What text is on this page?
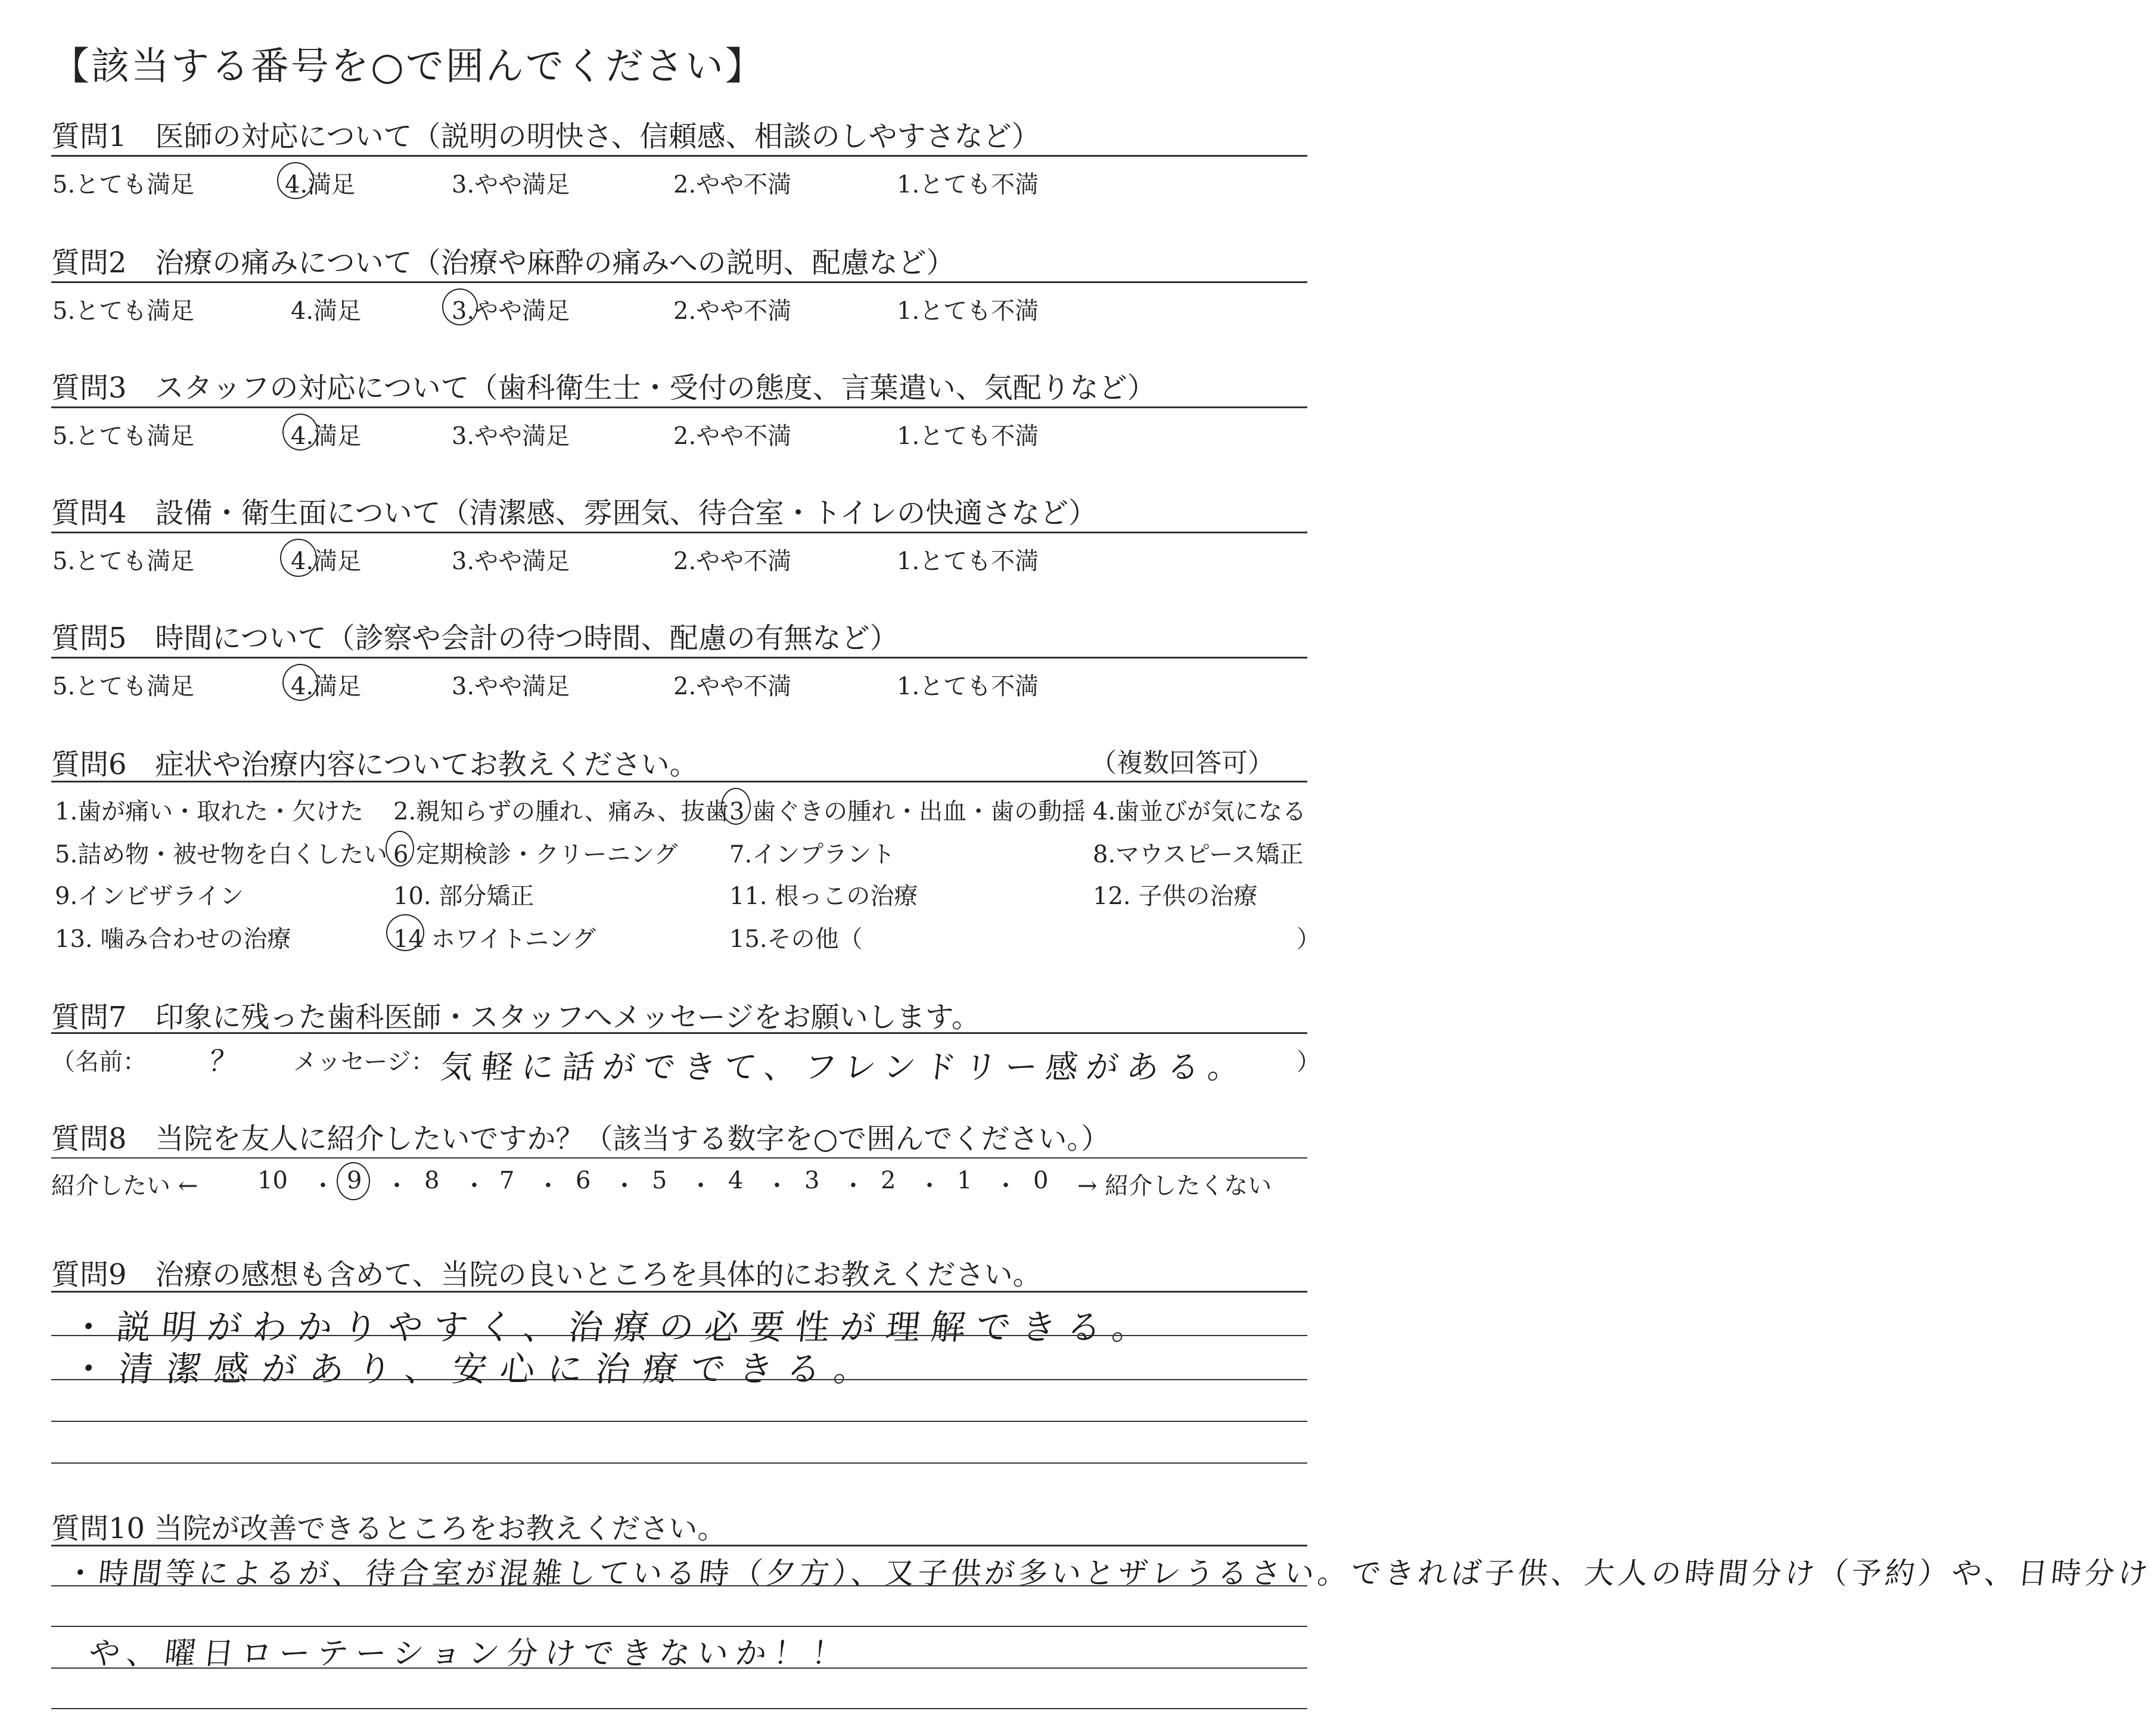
【該当する番号を○で囲んでください】
質問1　医師の対応について（説明の明快さ、信頼感、相談のしやすさなど）
5.とても満足	4.満足	3.やや満足	2.やや不満	1.とても不満
質問2　治療の痛みについて（治療や麻酔の痛みへの説明、配慮など）
5.とても満足	4.満足	3.やや満足	2.やや不満	1.とても不満
質問3　スタッフの対応について（歯科衛生士・受付の態度、言葉遣い、気配りなど）
5.とても満足	4.満足	3.やや満足	2.やや不満	1.とても不満
質問4　設備・衛生面について（清潔感、雰囲気、待合室・トイレの快適さなど）
5.とても満足	4.満足	3.やや満足	2.やや不満	1.とても不満
質問5　時間について（診察や会計の待つ時間、配慮の有無など）
5.とても満足	4.満足	3.やや満足	2.やや不満	1.とても不満
質問6　症状や治療内容についてお教えください。	（複数回答可）
1.歯が痛い・取れた・欠けた 2.親知らずの腫れ、痛み、抜歯 3 歯ぐきの腫れ・出血・歯の動揺 4.歯並びが気になる
5.詰め物・被せ物を白くしたい 6 定期検診・クリーニング 7.インプラント	8.マウスピース矯正
9.インビザライン	10. 部分矯正	11. 根っこの治療	12. 子供の治療
13. 噛み合わせの治療	14 ホワイトニング	15.その他（	）
質問7　印象に残った歯科医師・スタッフへメッセージをお願いします。
（名前： ？ メッセージ： 気軽に話ができて、フレンドリー感がある。 ）
質問8　当院を友人に紹介したいですか？（該当する数字を○で囲んでください。）
紹介したい ← 10 ・ 9 ・ 8 ・ 7 ・ 6 ・ 5 ・ 4 ・ 3 ・ 2 ・ 1 ・ 0 → 紹介したくない
質問9　治療の感想も含めて、当院の良いところを具体的にお教えください。
・説明がわかりやすく、治療の必要性が理解できる。
・清潔感があり、安心に治療できる。
質問10 当院が改善できるところをお教えください。
・時間等によるが、待合室が混雑している時（夕方）、又子供が多いとザレうるさい。できれば子供、大人の時間分け（予約）や、日時分け
や、曜日ローテーション分けできないか！！
